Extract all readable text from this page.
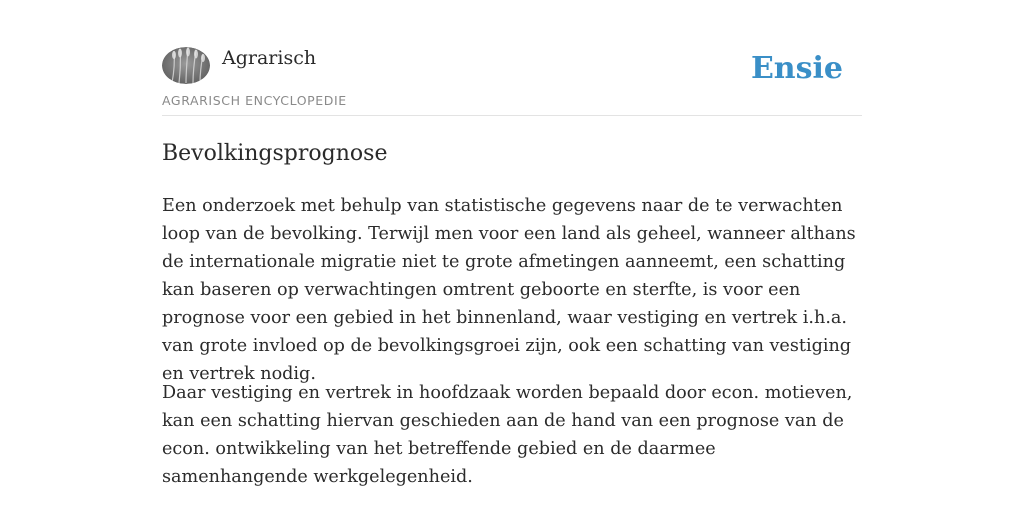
Agrarisch
AGRARISCH ENCYCLOPEDIE
Ensie
Bevolkingsprognose

Een onderzoek met behulp van statistische gegevens naar de te verwachten loop van de bevolking. Terwijl men voor een land als geheel, wanneer althans de internationale migratie niet te grote afmetingen aanneemt, een schatting kan baseren op verwachtingen omtrent geboorte en sterfte, is voor een prognose voor een gebied in het binnenland, waar vestiging en vertrek i.h.a. van grote invloed op de bevolkingsgroei zijn, ook een schatting van vestiging en vertrek nodig.

Daar vestiging en vertrek in hoofdzaak worden bepaald door econ. motieven, kan een schatting hiervan geschieden aan de hand van een prognose van de econ. ontwikkeling van het betreffende gebied en de daarmee samenhangende werkgelegenheid.
